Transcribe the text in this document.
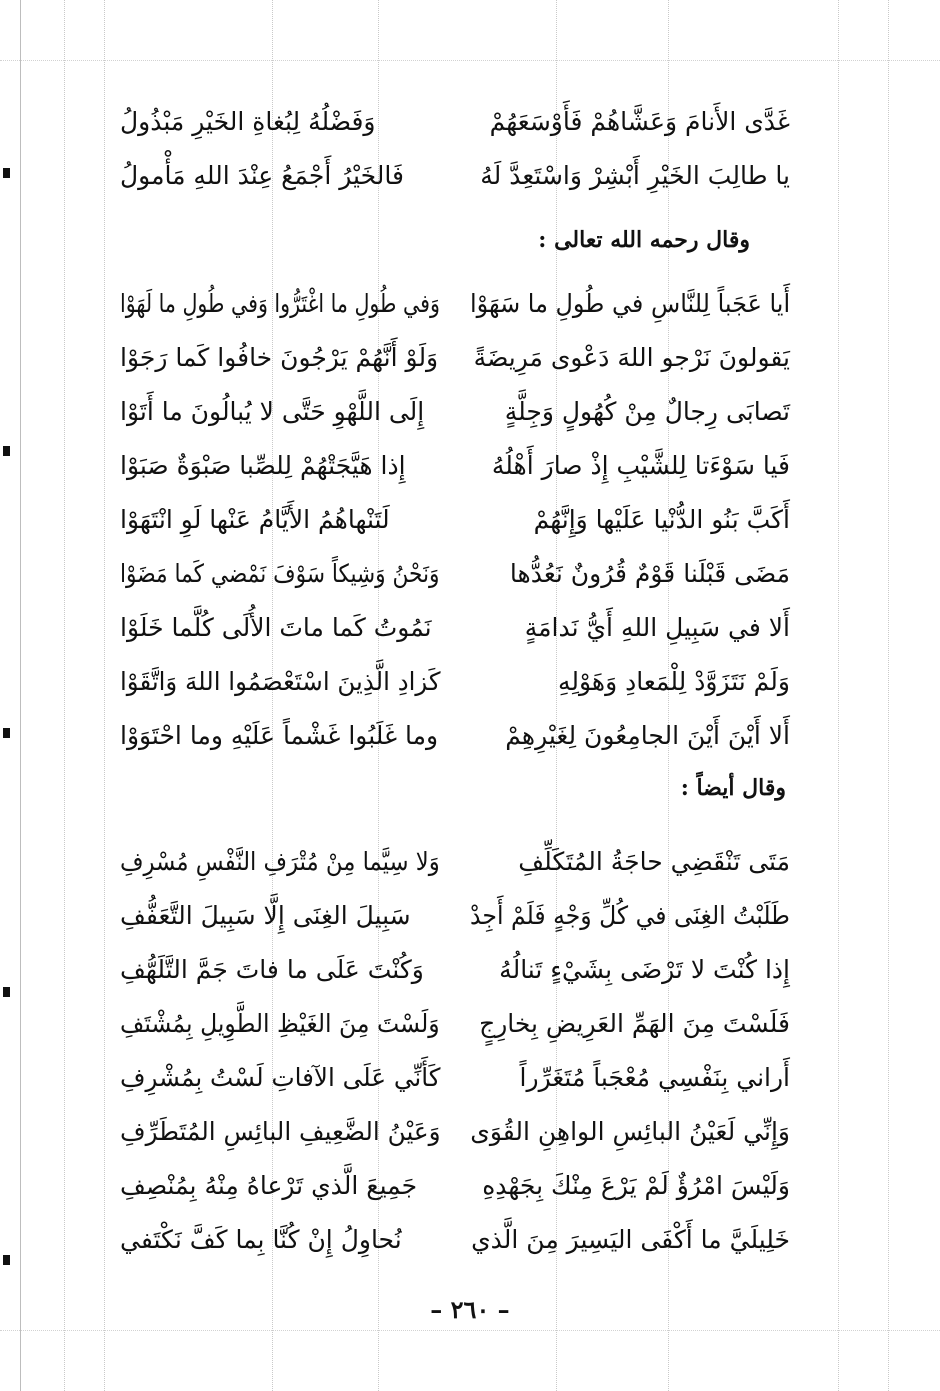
غَدَّى الأَنامَ وَعَشَّاهُمْ فَأَوْسَعَهُمْ
وَفَضْلُهُ لِبُغاةِ الخَيْرِ مَبْذُولُ
يا طالِبَ الخَيْرِ أَبْشِرْ وَاسْتَعِدَّ لَهُ
فَالخَيْرُ أَجْمَعُ عِنْدَ اللهِ مَأْمولُ
وقال رحمه الله تعالى :
أَيا عَجَباً لِلنَّاسِ في طُولِ ما سَهَوْا
وَفي طُولِ ما اغْتَرُّوا وَفي طُولِ ما لَهَوْا
يَقولونَ نَرْجو اللهَ دَعْوى مَرِيضَةً
وَلَوْ أَنَّهُمْ يَرْجُونَ خافُوا كَما رَجَوْا
تَصابَى رِجالٌ مِنْ كُهُولٍ وَجِلَّةٍ
إِلَى اللَّهْوِ حَتَّى لا يُبالُونَ ما أَتَوْا
فَيا سَوْءَتا لِلشَّيْبِ إِذْ صارَ أَهْلُهُ
إِذا هَيَّجَتْهُمْ لِلصِّبا صَبْوَةٌ صَبَوْا
أَكَبَّ بَنُو الدُّنْيا عَلَيْها وَإِنَّهُمْ
لَتَنْهاهُمُ الأَيَّامُ عَنْها لَوِ انْتَهَوْا
مَضَى قَبْلَنا قَوْمٌ قُرُونٌ نَعُدُّها
وَنَحْنُ وَشِيكاً سَوْفَ نَمْضي كَما مَضَوْا
أَلا في سَبِيلِ اللهِ أَيُّ نَدامَةٍ
نَمُوتُ كَما ماتَ الأُلَى كُلَّما خَلَوْا
وَلَمْ نَتَزَوَّدْ لِلْمَعادِ وَهَوْلِهِ
كَزادِ الَّذِينَ اسْتَعْصَمُوا اللهَ وَاتَّقَوْا
أَلا أَيْنَ أَيْنَ الجامِعُونَ لِغَيْرِهِمْ
وما غَلَبُوا غَشْماً عَلَيْهِ وما احْتَوَوْا
وقال أيضاً :
مَتَى تَنْقَضِي حاجَةُ المُتَكَلِّفِ
وَلا سِيَّما مِنْ مُتْرَفِ النَّفْسِ مُسْرِفِ
طَلَبْتُ الغِنَى في كُلِّ وَجْهٍ فَلَمْ أَجِدْ
سَبِيلَ الغِنَى إِلَّا سَبِيلَ التَّعَفُّفِ
إِذا كُنْتَ لا تَرْضَى بِشَيْءٍ تَنالُهُ
وَكُنْتَ عَلَى ما فاتَ جَمَّ التَّلَهُّفِ
فَلَسْتَ مِنَ الهَمِّ العَرِيضِ بِخارِجٍ
وَلَسْتَ مِنَ الغَيْظِ الطَّوِيلِ بِمُشْتَفِ
أَراني بِنَفْسِي مُعْجَباً مُتَغَرِّراً
كَأَنِّي عَلَى الآفاتِ لَسْتُ بِمُشْرِفِ
وَإِنِّي لَعَيْنُ البائِسِ الواهِنِ القُوَى
وَعَيْنُ الضَّعِيفِ البائِسِ المُتَطَرِّفِ
وَلَيْسَ امْرُؤٌ لَمْ يَرْعَ مِنْكَ بِجَهْدِهِ
جَمِيعَ الَّذي تَرْعاهُ مِنْهُ بِمُنْصِفِ
خَلِيلَيَّ ما أَكْفَى اليَسِيرَ مِنَ الَّذي
نُحاوِلُ إِنْ كُنَّا بِما كَفَّ نَكْتَفي
– ٢٦٠ –
